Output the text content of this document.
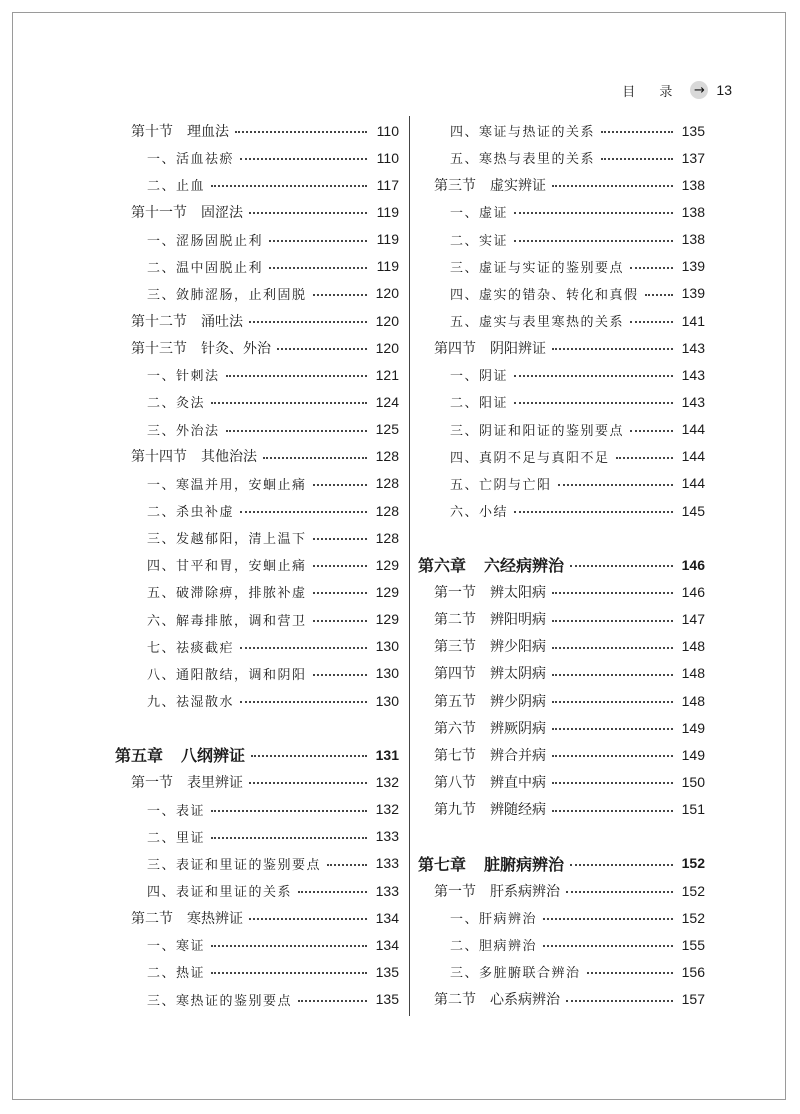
目 录 → 13
第十节 理血法	110
一、活血祛瘀	110
二、止血	117
第十一节 固涩法	119
一、涩肠固脱止利	119
二、温中固脱止利	119
三、敛肺涩肠，止利固脱	120
第十二节 涌吐法	120
第十三节 针灸、外治	120
一、针刺法	121
二、灸法	124
三、外治法	125
第十四节 其他治法	128
一、寒温并用，安蛔止痛	128
二、杀虫补虚	128
三、发越郁阳，清上温下	128
四、甘平和胃，安蛔止痛	129
五、破滞除痹，排脓补虚	129
六、解毒排脓，调和营卫	129
七、祛痰截疟	130
八、通阳散结，调和阴阳	130
九、祛湿散水	130
第五章 八纲辨证	131
第一节 表里辨证	132
一、表证	132
二、里证	133
三、表证和里证的鉴别要点	133
四、表证和里证的关系	133
第二节 寒热辨证	134
一、寒证	134
二、热证	135
三、寒热证的鉴别要点	135
四、寒证与热证的关系	135
五、寒热与表里的关系	137
第三节 虚实辨证	138
一、虚证	138
二、实证	138
三、虚证与实证的鉴别要点	139
四、虚实的错杂、转化和真假	139
五、虚实与表里寒热的关系	141
第四节 阴阳辨证	143
一、阴证	143
二、阳证	143
三、阴证和阳证的鉴别要点	144
四、真阴不足与真阳不足	144
五、亡阴与亡阳	144
六、小结	145
第六章 六经病辨治	146
第一节 辨太阳病	146
第二节 辨阳明病	147
第三节 辨少阳病	148
第四节 辨太阴病	148
第五节 辨少阴病	148
第六节 辨厥阴病	149
第七节 辨合并病	149
第八节 辨直中病	150
第九节 辨随经病	151
第七章 脏腑病辨治	152
第一节 肝系病辨治	152
一、肝病辨治	152
二、胆病辨治	155
三、多脏腑联合辨治	156
第二节 心系病辨治	157
